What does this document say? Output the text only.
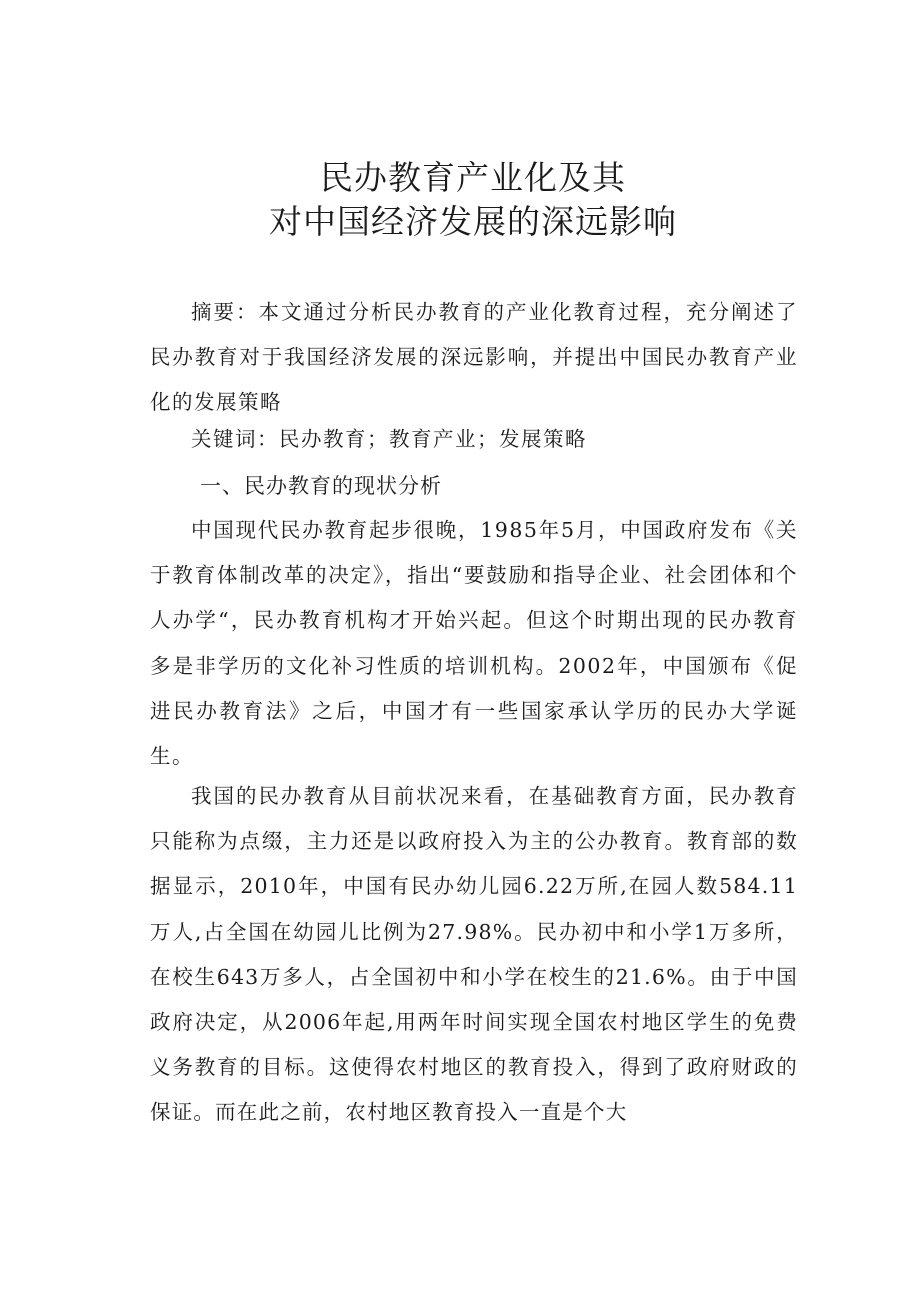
民办教育产业化及其
对中国经济发展的深远影响

摘要：本文通过分析民办教育的产业化教育过程，充分阐述了民办教育对于我国经济发展的深远影响，并提出中国民办教育产业化的发展策略

关键词：民办教育；教育产业；发展策略

一、民办教育的现状分析

中国现代民办教育起步很晚，1985年5月，中国政府发布《关于教育体制改革的决定》，指出“要鼓励和指导企业、社会团体和个人办学“，民办教育机构才开始兴起。但这个时期出现的民办教育多是非学历的文化补习性质的培训机构。2002年，中国颁布《促进民办教育法》之后，中国才有一些国家承认学历的民办大学诞生。

我国的民办教育从目前状况来看，在基础教育方面，民办教育只能称为点缀，主力还是以政府投入为主的公办教育。教育部的数据显示，2010年，中国有民办幼儿园6.22万所,在园人数584.11万人,占全国在幼园儿比例为27.98%。民办初中和小学1万多所，在校生643万多人，占全国初中和小学在校生的21.6%。由于中国政府决定，从2006年起,用两年时间实现全国农村地区学生的免费义务教育的目标。这使得农村地区的教育投入，得到了政府财政的保证。而在此之前，农村地区教育投入一直是个大
